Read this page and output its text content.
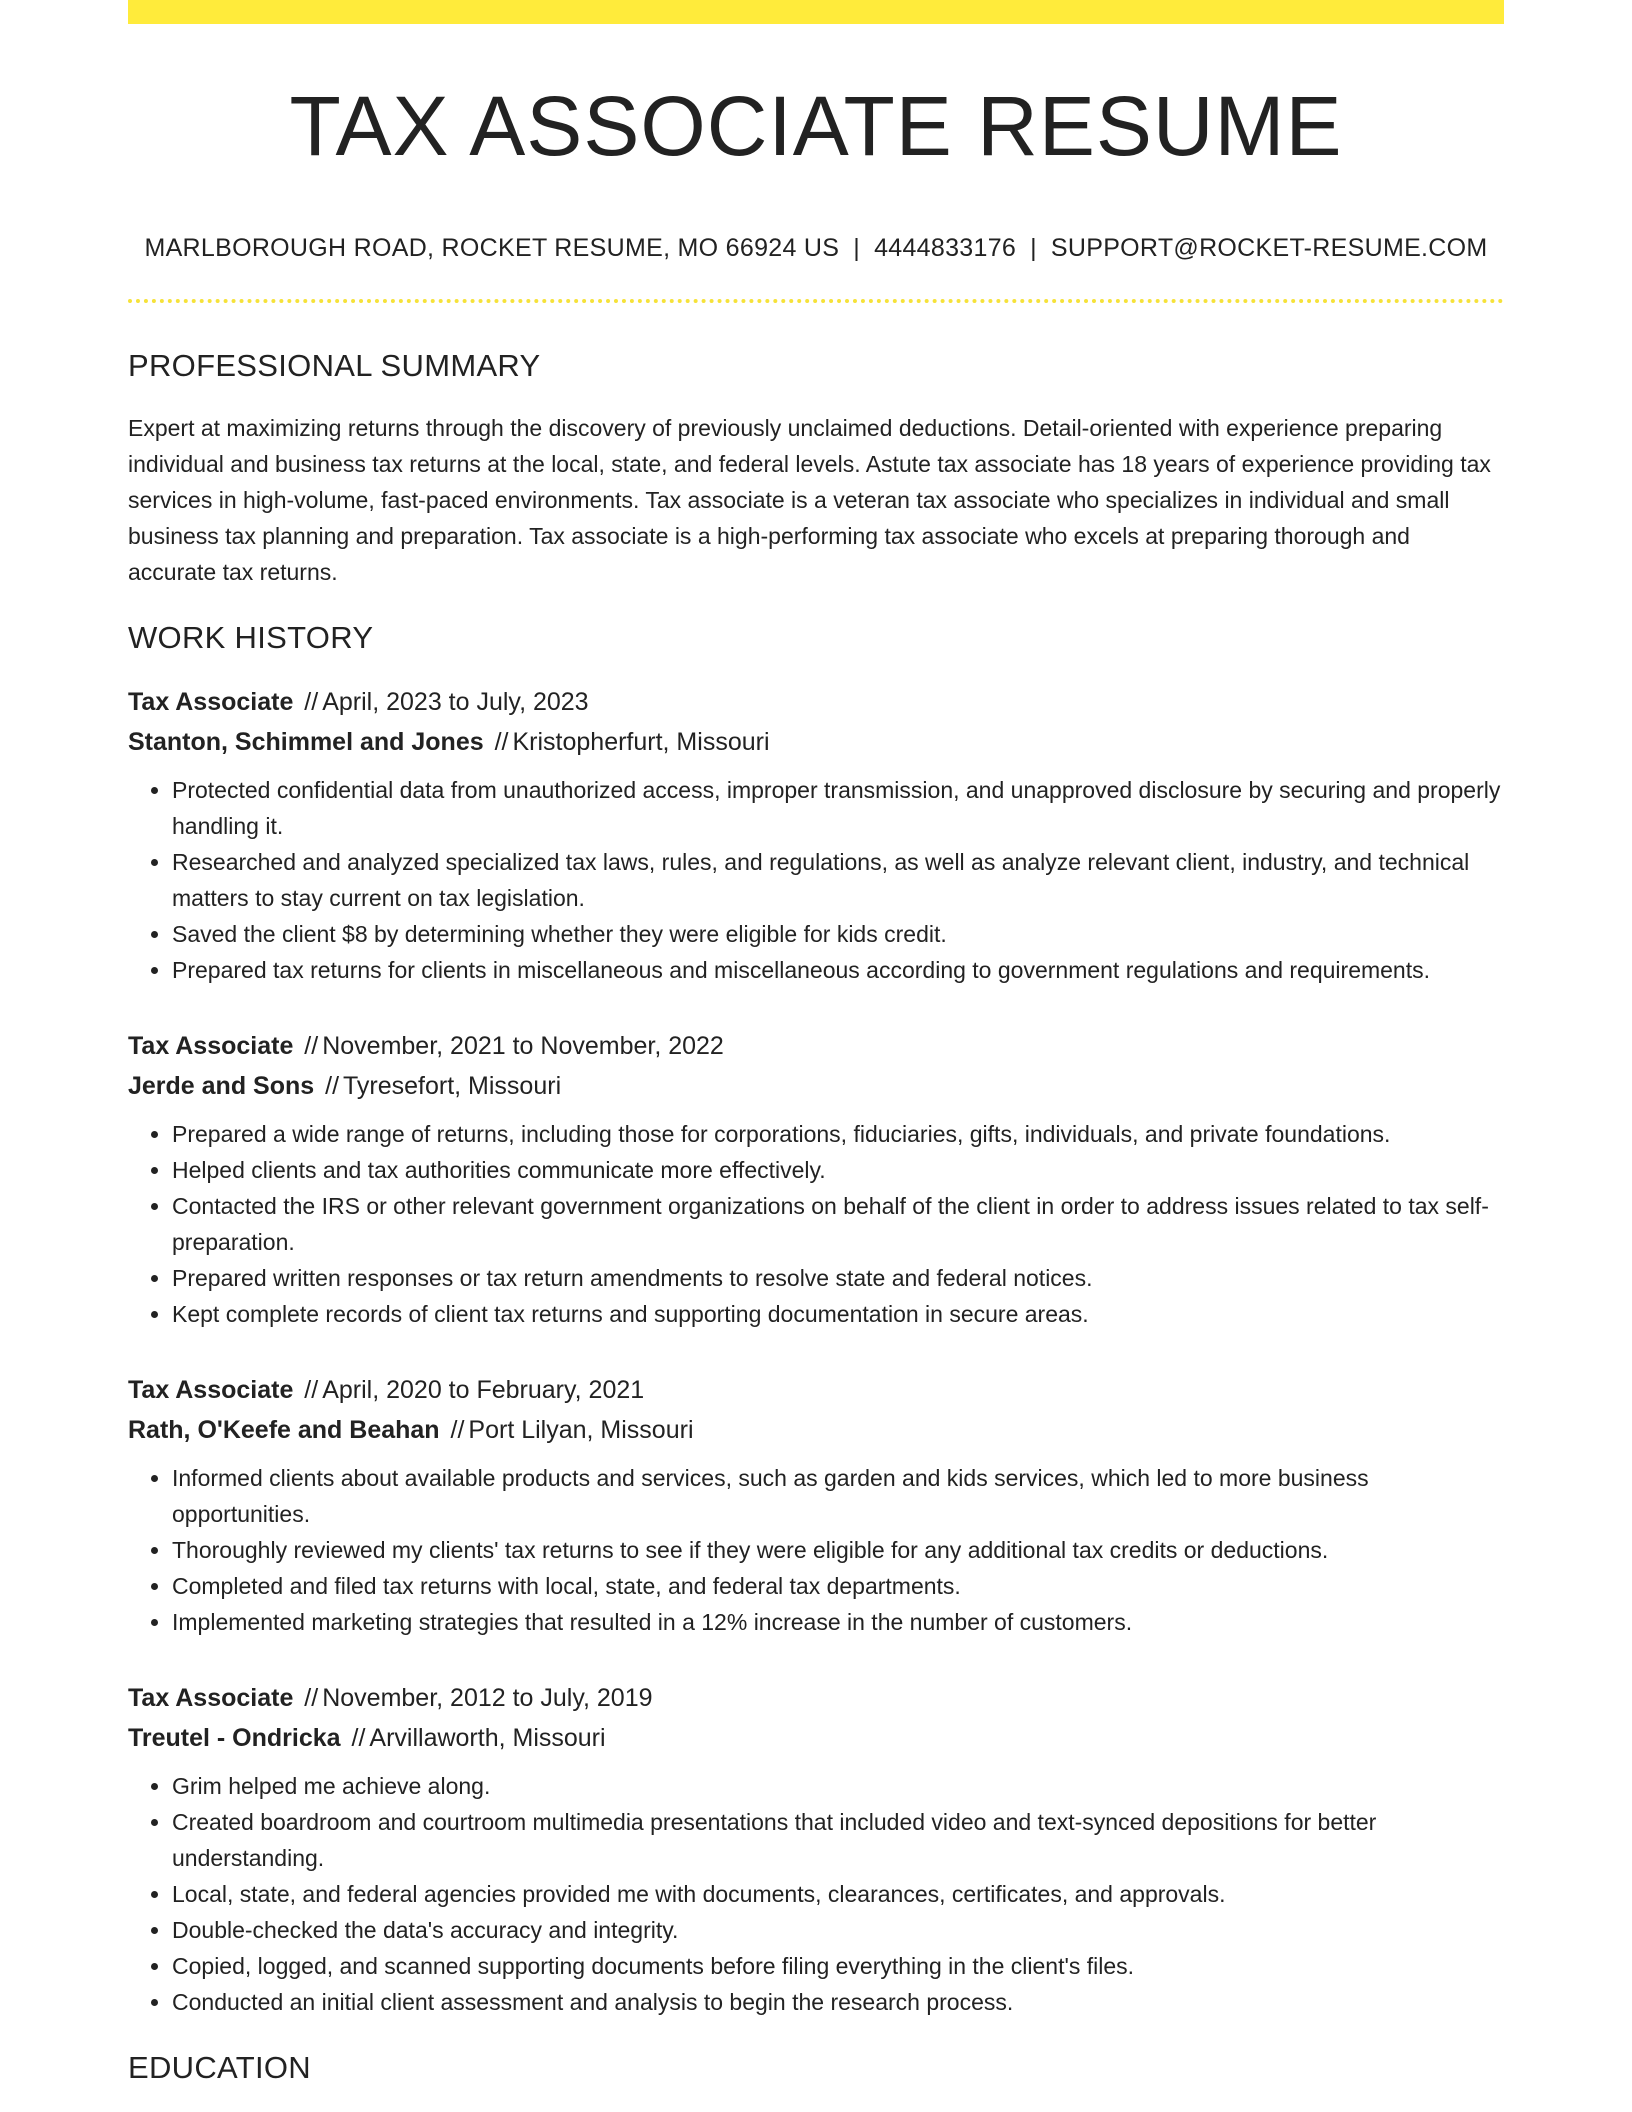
TAX ASSOCIATE RESUME
MARLBOROUGH ROAD, ROCKET RESUME, MO 66924 US | 4444833176 | SUPPORT@ROCKET-RESUME.COM
PROFESSIONAL SUMMARY

Expert at maximizing returns through the discovery of previously unclaimed deductions. Detail-oriented with experience preparing individual and business tax returns at the local, state, and federal levels. Astute tax associate has 18 years of experience providing tax services in high-volume, fast-paced environments. Tax associate is a veteran tax associate who specializes in individual and small business tax planning and preparation. Tax associate is a high-performing tax associate who excels at preparing thorough and accurate tax returns.

WORK HISTORY
Tax Associate // April, 2023 to July, 2023
Stanton, Schimmel and Jones // Kristopherfurt, Missouri
• Protected confidential data from unauthorized access, improper transmission, and unapproved disclosure by securing and properly handling it.
• Researched and analyzed specialized tax laws, rules, and regulations, as well as analyze relevant client, industry, and technical matters to stay current on tax legislation.
• Saved the client $8 by determining whether they were eligible for kids credit.
• Prepared tax returns for clients in miscellaneous and miscellaneous according to government regulations and requirements.
Tax Associate // November, 2021 to November, 2022
Jerde and Sons // Tyresefort, Missouri
• Prepared a wide range of returns, including those for corporations, fiduciaries, gifts, individuals, and private foundations.
• Helped clients and tax authorities communicate more effectively.
• Contacted the IRS or other relevant government organizations on behalf of the client in order to address issues related to tax self-preparation.
• Prepared written responses or tax return amendments to resolve state and federal notices.
• Kept complete records of client tax returns and supporting documentation in secure areas.
Tax Associate // April, 2020 to February, 2021
Rath, O'Keefe and Beahan // Port Lilyan, Missouri
• Informed clients about available products and services, such as garden and kids services, which led to more business opportunities.
• Thoroughly reviewed my clients' tax returns to see if they were eligible for any additional tax credits or deductions.
• Completed and filed tax returns with local, state, and federal tax departments.
• Implemented marketing strategies that resulted in a 12% increase in the number of customers.
Tax Associate // November, 2012 to July, 2019
Treutel - Ondricka // Arvillaworth, Missouri
• Grim helped me achieve along.
• Created boardroom and courtroom multimedia presentations that included video and text-synced depositions for better understanding.
• Local, state, and federal agencies provided me with documents, clearances, certificates, and approvals.
• Double-checked the data's accuracy and integrity.
• Copied, logged, and scanned supporting documents before filing everything in the client's files.
• Conducted an initial client assessment and analysis to begin the research process.
EDUCATION
